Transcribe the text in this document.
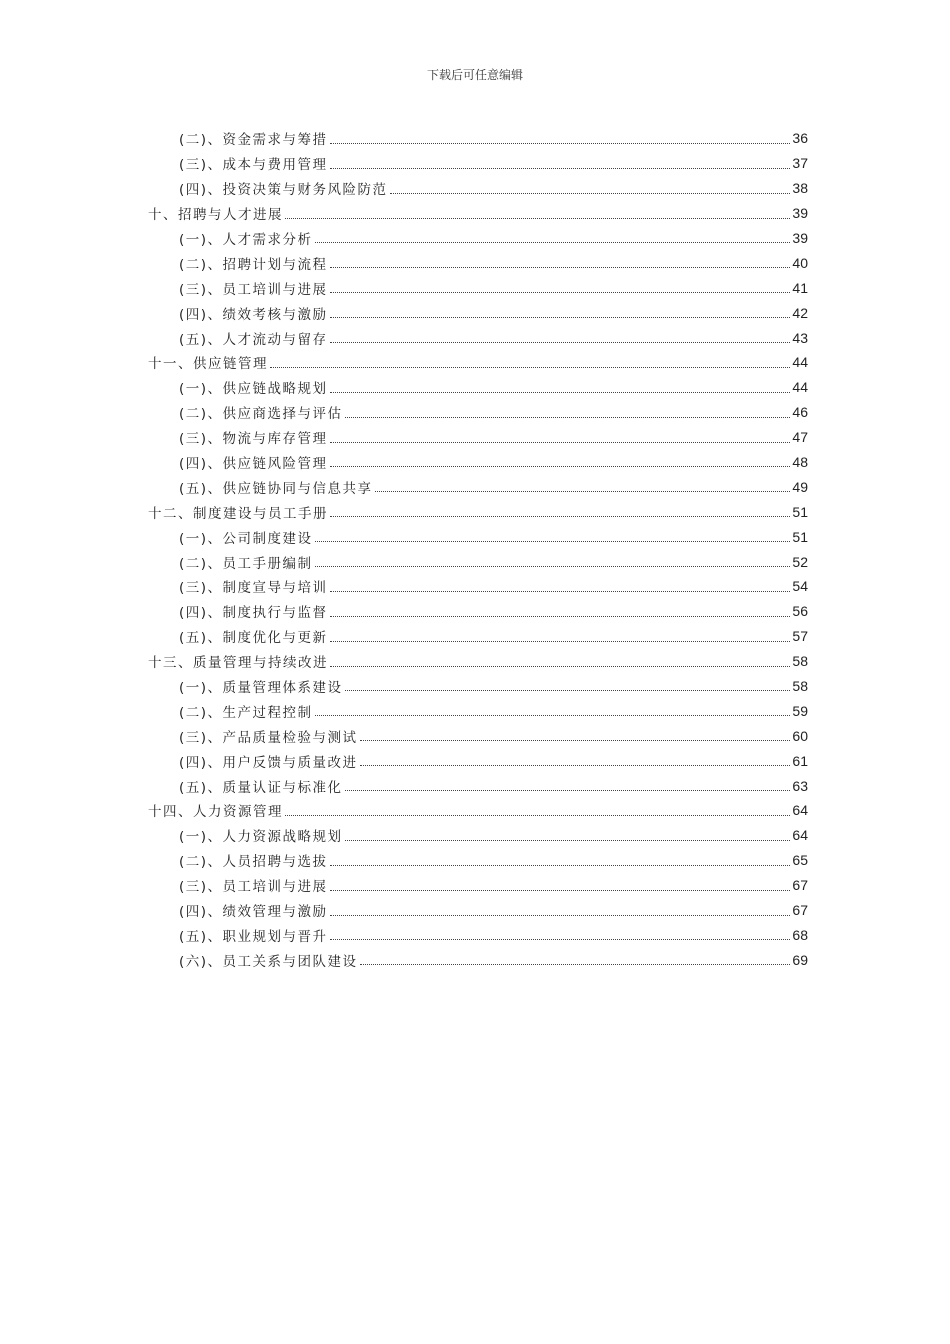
下载后可任意编辑
(二)、资金需求与筹措	36
(三)、成本与费用管理	37
(四)、投资决策与财务风险防范	38
十、招聘与人才进展	39
(一)、人才需求分析	39
(二)、招聘计划与流程	40
(三)、员工培训与进展	41
(四)、绩效考核与激励	42
(五)、人才流动与留存	43
十一、供应链管理	44
(一)、供应链战略规划	44
(二)、供应商选择与评估	46
(三)、物流与库存管理	47
(四)、供应链风险管理	48
(五)、供应链协同与信息共享	49
十二、制度建设与员工手册	51
(一)、公司制度建设	51
(二)、员工手册编制	52
(三)、制度宣导与培训	54
(四)、制度执行与监督	56
(五)、制度优化与更新	57
十三、质量管理与持续改进	58
(一)、质量管理体系建设	58
(二)、生产过程控制	59
(三)、产品质量检验与测试	60
(四)、用户反馈与质量改进	61
(五)、质量认证与标准化	63
十四、人力资源管理	64
(一)、人力资源战略规划	64
(二)、人员招聘与选拔	65
(三)、员工培训与进展	67
(四)、绩效管理与激励	67
(五)、职业规划与晋升	68
(六)、员工关系与团队建设	69
